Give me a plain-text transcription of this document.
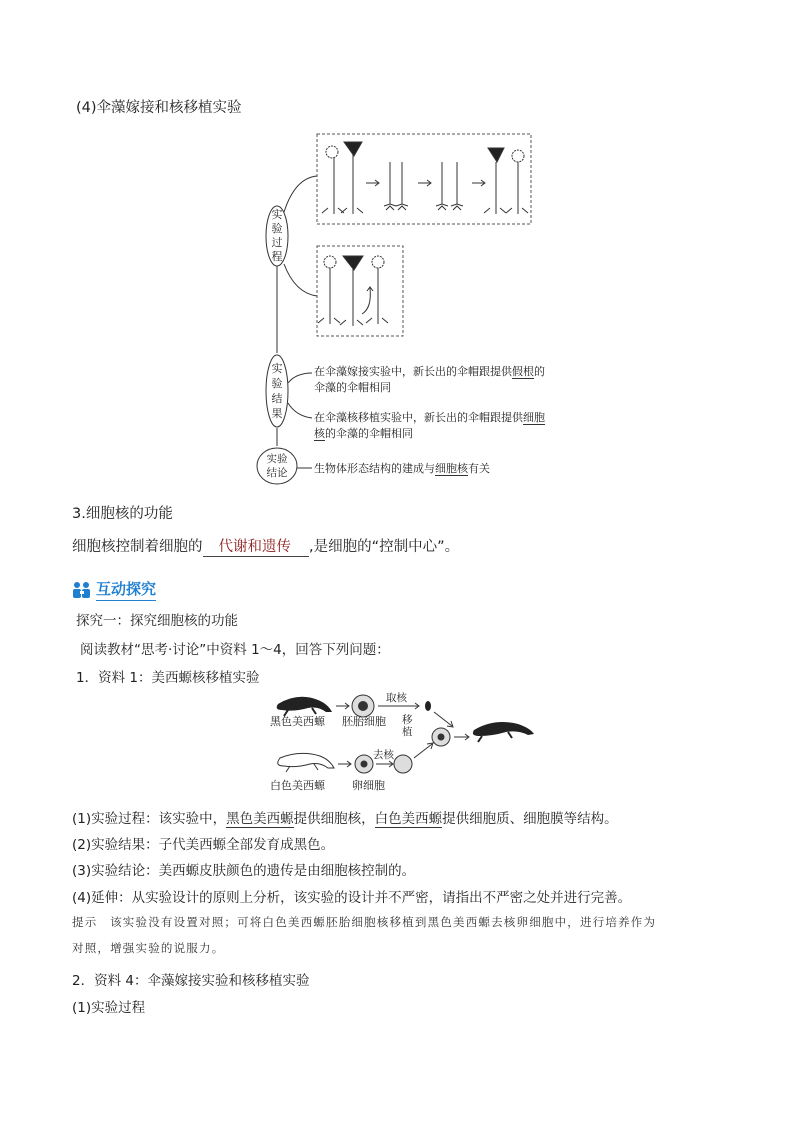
(4)伞藻嫁接和核移植实验
实验过程
实验结果
实验结论
在伞藻嫁接实验中，新长出的伞帽跟提供假根的伞藻的伞帽相同
在伞藻核移植实验中，新长出的伞帽跟提供细胞核的伞藻的伞帽相同
生物体形态结构的建成与细胞核有关
3.细胞核的功能
细胞核控制着细胞的 代谢和遗传 ,是细胞的“控制中心”。
互动探究
探究一：探究细胞核的功能
阅读教材“思考·讨论”中资料 1～4，回答下列问题：
1．资料 1：美西螈核移植实验
黑色美西螈 胚胎细胞
取核
移植
白色美西螈 卵细胞
去核
(1)实验过程：该实验中，黑色美西螈提供细胞核，白色美西螈提供细胞质、细胞膜等结构。
(2)实验结果：子代美西螈全部发育成黑色。
(3)实验结论：美西螈皮肤颜色的遗传是由细胞核控制的。
(4)延伸：从实验设计的原则上分析，该实验的设计并不严密，请指出不严密之处并进行完善。
提示　该实验没有设置对照；可将白色美西螈胚胎细胞核移植到黑色美西螈去核卵细胞中，进行培养作为
对照，增强实验的说服力。
2．资料 4：伞藻嫁接实验和核移植实验
(1)实验过程
